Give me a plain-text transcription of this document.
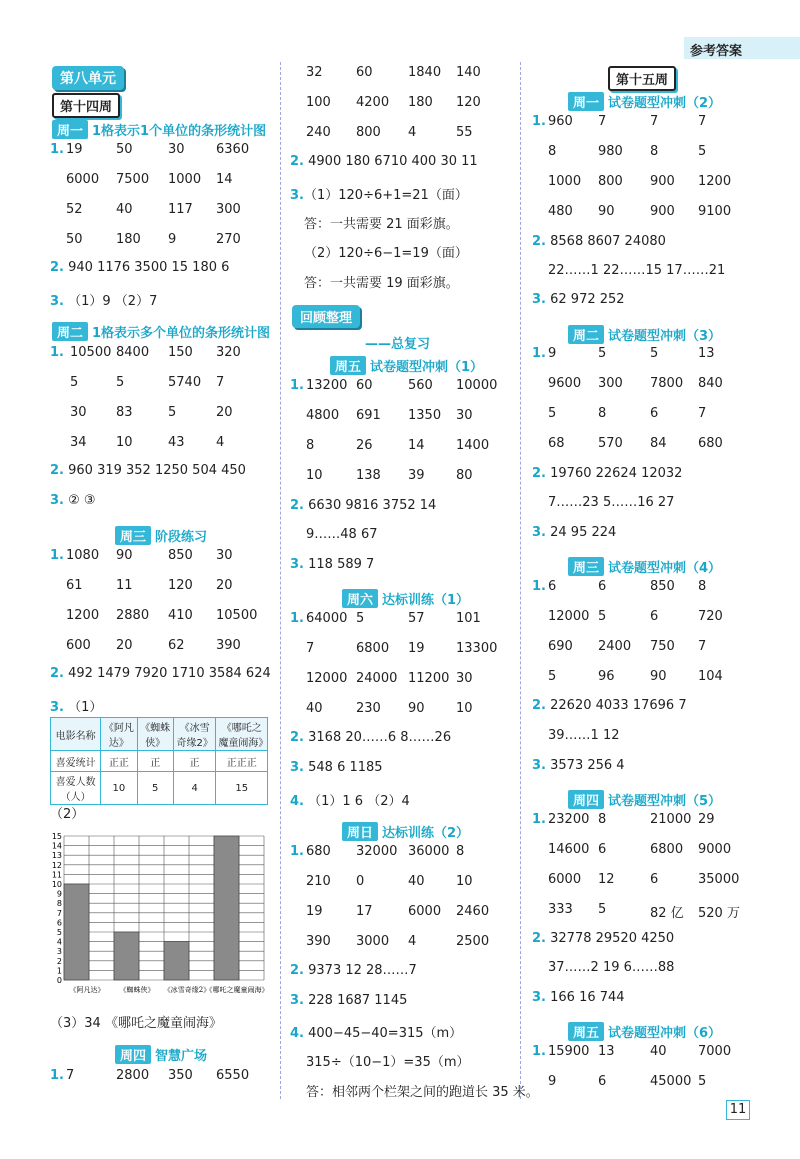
参考答案
第八单元
第十四周
周一 1格表示1个单位的条形统计图
1. 19	50	30 6360
6000 7500 1000 14
52	40	117 300
50	180 9	270
2. 940 1176 3500 15 180 6
3. （1）9 （2）7
周二 1格表示多个单位的条形统计图
1. 10500 8400 150 320
5	5	5740 7
30 83	5	20
34 10	43 4
2. 960 319 352 1250 504 450
3. ② ③
周三 阶段练习
1. 1080 90	850 30
61	11	120 20
1200 2880 410 10500
600 20	62 390
2. 492 1479 7920 1710 3584 624
3. （1）
电影名称	《阿凡达》	《蜘蛛侠》	《冰雪奇缘2》	《哪吒之魔童闹海》
喜爱统计	正正	正	正	正正正
喜爱人数（人）	10	5	4	15
（2）
0
1
2
3
4
5
6
7
8
9
10
11
12
13
14
15
《阿凡达》 《蜘蛛侠》 《冰雪奇缘2》
《哪吒之魔童闹海》
（3）34 《哪吒之魔童闹海》
周四 智慧广场
1. 7	2800 350 6550
32	60	1840 140
100 4200 180 120
240 800 4	55
2. 4900 180 6710 400 30 11
3.（1）120÷6+1=21（面）
答：一共需要 21 面彩旗。
（2）120÷6−1=19（面）
答：一共需要 19 面彩旗。
回顾整理
——总复习
周五 试卷题型冲刺（1）
1. 13200 60	560 10000
4800 691 1350 30
8	26	14 1400
10	138 39 80
2. 6630 9816 3752 14
9……48 67
3. 118 589 7
周六 达标训练（1）
1. 64000 5	57 101
7	6800 19 13300
12000 24000 11200 30
40	230 90 10
2. 3168 20……6 8……26
3. 548 6 1185
4. （1）1 6 （2）4
周日 达标训练（2）
1. 680 32000 36000 8
210 0	40 10
19	17	6000 2460
390 3000 4	2500
2. 9373 12 28……7
3. 228 1687 1145
4. 400−45−40=315（m）
315÷（10−1）=35（m）
答：相邻两个栏架之间的跑道长 35 米。
第十五周
周一 试卷题型冲刺（2）
1. 960 7	7	7
8	980 8	5
1000 800 900 1200
480 90	900 9100
2. 8568 8607 24080
22……1 22……15 17……21
3. 62 972 252
周二 试卷题型冲刺（3）
1. 9	5	5	13
9600 300 7800 840
5	8	6	7
68	570 84 680
2. 19760 22624 12032
7……23 5……16 27
3. 24 95 224
周三 试卷题型冲刺（4）
1. 6	6	850 8
12000 5	6	720
690 2400 750 7
5	96	90 104
2. 22620 4033 17696 7
39……1 12
3. 3573 256 4
周四 试卷题型冲刺（5）
1. 23200 8	21000 29
14600 6	6800 9000
6000 12	6	35000
333 5	82 亿 520 万
2. 32778 29520 4250
37……2 19 6……88
3. 166 16 744
周五 试卷题型冲刺（6）
1. 15900 13	40 7000
9	6	45000 5
11
